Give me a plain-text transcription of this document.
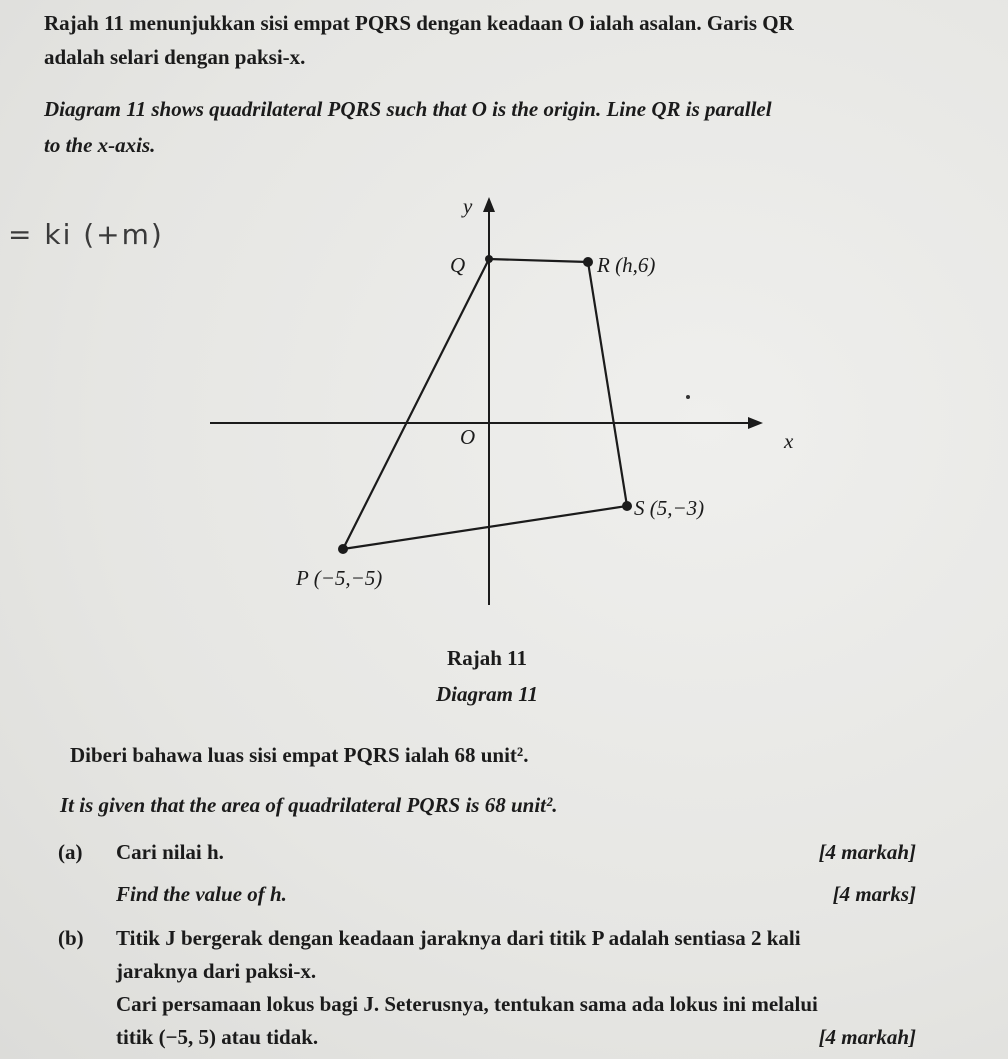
Rajah 11 menunjukkan sisi empat PQRS dengan keadaan O ialah asalan. Garis QR

adalah selari dengan paksi-x.

Diagram 11 shows quadrilateral PQRS such that O is the origin. Line QR is parallel

to the x-axis.

= ki (+m)
y
x
O
Q	R (h,6)
S (5,−3)
P (−5,−5)

Rajah 11

Diagram 11

Diberi bahawa luas sisi empat PQRS ialah 68 unit².

It is given that the area of quadrilateral PQRS is 68 unit².

(a) Cari nilai h.	[4 markah]

Find the value of h.	[4 marks]

(b) Titik J bergerak dengan keadaan jaraknya dari titik P adalah sentiasa 2 kali

jaraknya dari paksi-x.

Cari persamaan lokus bagi J. Seterusnya, tentukan sama ada lokus ini melalui

titik (−5, 5) atau tidak.	[4 markah]
